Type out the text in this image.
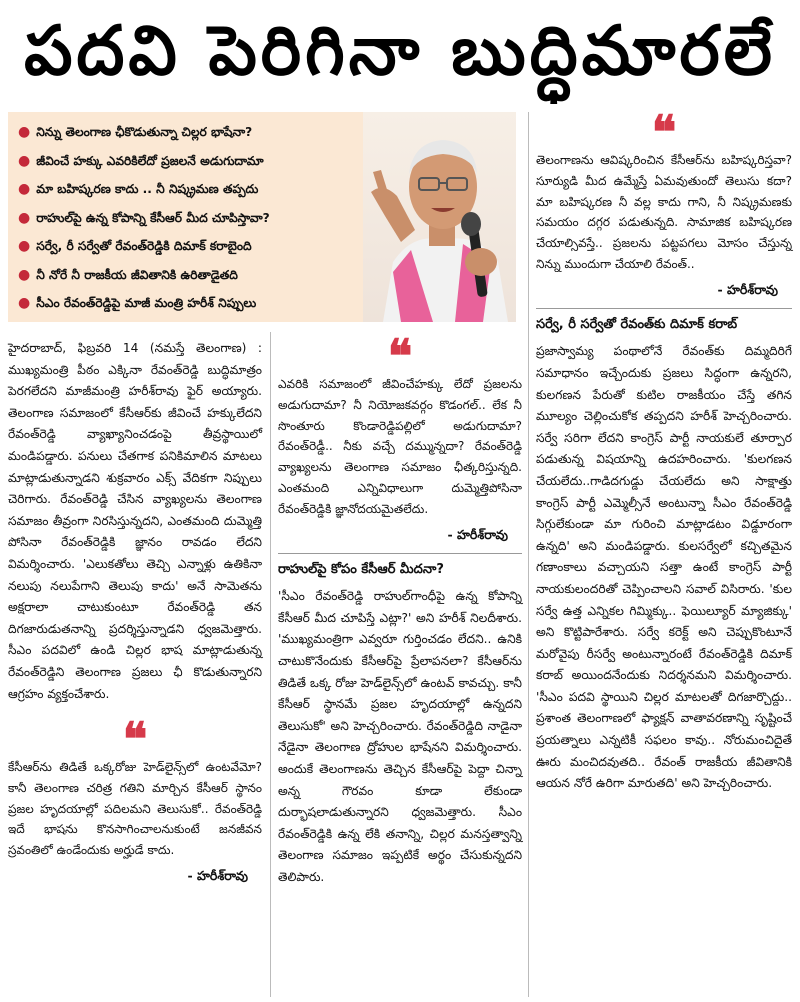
పదవి పెరిగినా బుద్ధిమారలే
● నిన్ను తెలంగాణ ఛీకొడుతున్నా చిల్లర భాషేనా?
● జీవించే హక్కు ఎవరికిలేదో ప్రజలనే అడుగుదామా
● మా బహిష్కరణ కాదు .. నీ నిష్క్రమణ తప్పదు
● రాహుల్‌పై ఉన్న కోపాన్ని కేసీఆర్‌ మీద చూపిస్తావా?
● సర్వే, రీ సర్వేతో రేవంత్‌రెడ్డికి దిమాక్‌ కరాబైంది
● నీ నోరే నీ రాజకీయ జీవితానికి ఉరితాడైతది
● సీఎం రేవంత్‌రెడ్డిపై మాజీ మంత్రి హరీశ్‌ నిప్పులు

హైదరాబాద్‌, ఫిబ్రవరి 14 (నమస్తే తెలంగాణ) : ముఖ్యమంత్రి పీఠం ఎక్కినా రేవంత్‌రెడ్డి బుద్ధిమాత్రం పెరగలేదని మాజీమంత్రి హరీశ్‌రావు ఫైర్‌ అయ్యారు. తెలంగాణ సమాజంలో కేసీఆర్‌కు జీవించే హక్కులేదని రేవంత్‌రెడ్డి వ్యాఖ్యానించడంపై తీవ్రస్థాయిలో మండిపడ్డారు. పనులు చేతగాక పనికిమాలిన మాటలు మాట్లాడుతున్నాడని శుక్రవారం ఎక్స్‌ వేదికగా నిప్పులు చెరిగారు. రేవంత్‌రెడ్డి చేసిన వ్యాఖ్యలను తెలంగాణ సమాజం తీవ్రంగా నిరసిస్తున్నదని, ఎంతమంది దుమ్మెత్తి పోసినా రేవంత్‌రెడ్డికి జ్ఞానం రావడం లేదని విమర్శించారు. 'ఎలుకతోలు తెచ్చి ఎన్నాళ్లు ఉతికినా నలుపు నలుపేగాని తెలుపు కాదు' అనే సామెతను అక్షరాలా చాటుకుంటూ రేవంత్‌రెడ్డి తన దిగజారుడుతనాన్ని ప్రదర్శిస్తున్నాడని ధ్వజమెత్తారు. సీఎం పదవిలో ఉండి చిల్లర భాష మాట్లాడుతున్న రేవంత్‌రెడ్డిని తెలంగాణ ప్రజలు ఛీ కొడుతున్నారని ఆగ్రహం వ్యక్తంచేశారు.

❝

కేసీఆర్‌ను తిడితే ఒక్కరోజు హెడ్‌లైన్స్‌లో ఉంటవేమో? కానీ తెలంగాణ చరిత్ర గతిని మార్చిన కేసీఆర్‌ స్థానం ప్రజల హృదయాల్లో పదిలమని తెలుసుకో.. రేవంత్‌రెడ్డి ఇదే భాషను కొనసాగించాలనుకుంటే జనజీవన స్రవంతిలో ఉండేందుకు అర్హుడే కాదు.

- హరీశ్‌రావు
❝

ఎవరికి సమాజంలో జీవించేహక్కు లేదో ప్రజలను అడుగుదామా? నీ నియోజకవర్గం కొడంగల్‌.. లేక నీ సొంతూరు కొండారెడ్డిపల్లిలో అడుగుదామా? రేవంత్‌రెడ్డీ.. నీకు వచ్చే దమ్మున్నదా? రేవంత్‌రెడ్డి వ్యాఖ్యలను తెలంగాణ సమాజం ఛీత్కరిస్తున్నది. ఎంతమంది ఎన్నివిధాలుగా దుమ్మెత్తిపోసినా రేవంత్‌రెడ్డికి జ్ఞానోదయమైతలేదు.

- హరీశ్‌రావు
రాహుల్‌పై కోపం కేసీఆర్‌ మీదనా?

'సీఎం రేవంత్‌రెడ్డి రాహుల్‌గాంధీపై ఉన్న కోపాన్ని కేసీఆర్‌ మీద చూపిస్తే ఎట్లా?' అని హరీశ్‌ నిలదీశారు. 'ముఖ్యమంత్రిగా ఎవ్వరూ గుర్తించడం లేదని.. ఉనికి చాటుకొనేందుకు కేసీఆర్‌పై ప్రేలాపనలా? కేసీఆర్‌ను తిడితే ఒక్క రోజు హెడ్‌లైన్స్‌లో ఉంటవ్‌ కావచ్చు. కానీ కేసీఆర్‌ స్థానమే ప్రజల హృదయాల్లో ఉన్నదని తెలుసుకో' అని హెచ్చరించారు. రేవంత్‌రెడ్డిది నాడైనా నేడైనా తెలంగాణ ద్రోహుల భాషేనని విమర్శించారు. అందుకే తెలంగాణను తెచ్చిన కేసీఆర్‌పై పెద్దా చిన్నా అన్న గౌరవం కూడా లేకుండా దుర్భాషలాడుతున్నారని ధ్వజమెత్తారు. సీఎం రేవంత్‌రెడ్డికి ఉన్న లేకి తనాన్ని, చిల్లర మనస్తత్వాన్ని తెలంగాణ సమాజం ఇప్పటికే అర్థం చేసుకున్నదని తెలిపారు.

❝

తెలంగాణను ఆవిష్కరించిన కేసీఆర్‌ను బహిష్కరిస్తవా? సూర్యుడి మీద ఉమ్మేస్తే ఏమవుతుందో తెలుసు కదా? మా బహిష్కరణ నీ వల్ల కాదు గాని, నీ నిష్క్రమణకు సమయం దగ్గర పడుతున్నది. సామాజిక బహిష్కరణ చేయాల్సివస్తే.. ప్రజలను పట్టపగలు మోసం చేస్తున్న నిన్ను ముందుగా చేయాలి రేవంత్‌..

- హరీశ్‌రావు
సర్వే, రీ సర్వేతో రేవంత్‌కు దిమాక్‌ కరాబ్‌

ప్రజాస్వామ్య పంథాలోనే రేవంత్‌కు దిమ్మదిరిగే సమాధానం ఇచ్చేందుకు ప్రజలు సిద్ధంగా ఉన్నరని, కులగణన పేరుతో కుటిల రాజకీయం చేస్తే తగిన మూల్యం చెల్లించుకోక తప్పదని హరీశ్‌ హెచ్చరించారు. సర్వే సరిగా లేదని కాంగ్రెస్‌ పార్టీ నాయకులే తూర్పార పడుతున్న విషయాన్ని ఉదహరించారు. 'కులగణన చేయలేదు..గాడిదగుడ్డు చేయలేదు అని సాక్షాత్తు కాంగ్రెస్‌ పార్టీ ఎమ్మెల్సీనే అంటున్నా సీఎం రేవంత్‌రెడ్డి సిగ్గులేకుండా మా గురించి మాట్లాడటం విడ్డూరంగా ఉన్నది' అని మండిపడ్డారు. కులసర్వేలో కచ్చితమైన గణాంకాలు వచ్చాయని సత్తా ఉంటే కాంగ్రెస్‌ పార్టీ నాయకులందరితో చెప్పించాలని సవాల్‌ విసిరారు. 'కుల సర్వే ఉత్త ఎన్నికల గిమ్మిక్కు.. ఫెయిల్యూర్‌ మ్యాజిక్కు' అని కొట్టిపారేశారు. సర్వే కరెక్ట్‌ అని చెప్పుకొంటూనే మరోవైపు రీసర్వే అంటున్నారంటే రేవంత్‌రెడ్డికి దిమాక్‌ కరాబ్‌ అయిందనేందుకు నిదర్శనమని విమర్శించారు. 'సీఎం పదవి స్థాయిని చిల్లర మాటలతో దిగజార్చొద్దు.. ప్రశాంత తెలంగాణలో ఫ్యాక్షన్‌ వాతావరణాన్ని సృష్టించే ప్రయత్నాలు ఎన్నటికీ సఫలం కావు.. నోరుమంచిదైతే ఊరు మంచిదవుతది.. రేవంత్‌ రాజకీయ జీవితానికి ఆయన నోరే ఉరిగా మారుతది' అని హెచ్చరించారు.
